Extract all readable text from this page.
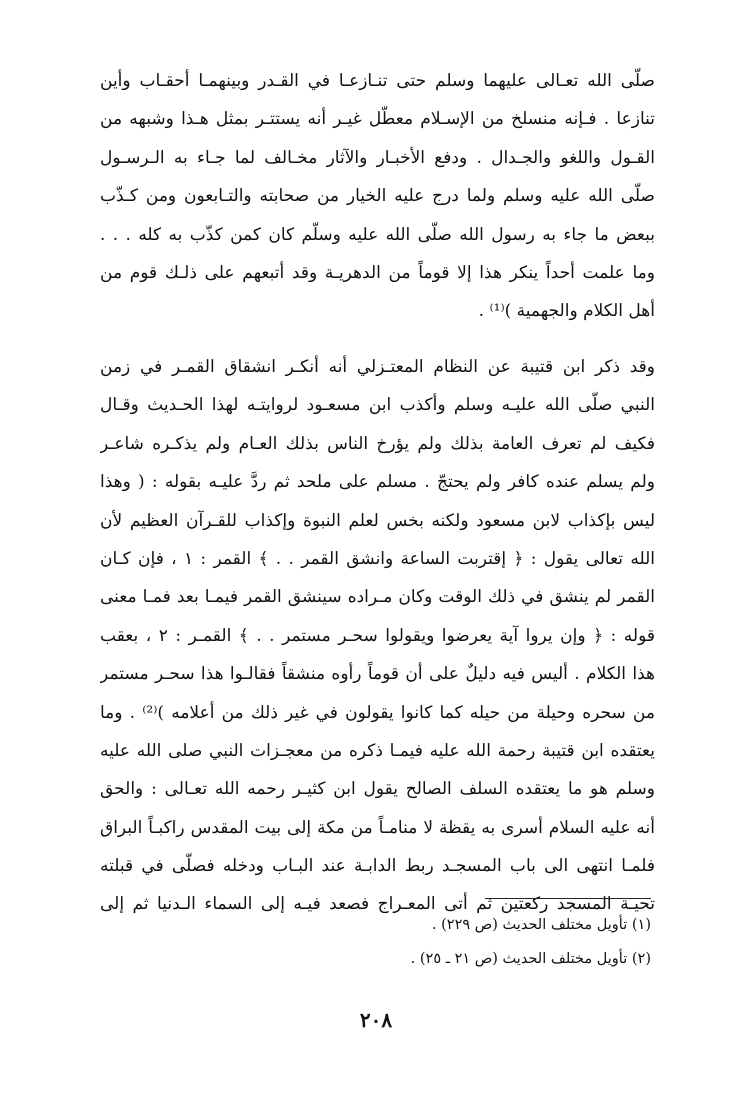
صلّى الله تعـالى عليهما وسلم حتى تنـازعـا في القـدر وبينهمـا أحقـاب وأين
تنازعا . فـإنه منسلخ من الإسـلام معطّل غيـر أنه يستتـر بمثل هـذا وشبهه من
القـول واللغو والجـدال . ودفع الأخبـار والآثار مخـالف لما جـاء به الـرسـول
صلّى الله عليه وسلم ولما درج عليه الخيار من صحابته والتـابعون ومن كـذّب
ببعض ما جاء به رسول الله صلّى الله عليه وسلّم كان كمن كذّب به كله . . .
وما علمت أحداً ينكر هذا إلا قوماً من الدهريـة وقد أتبعهم على ذلـك قوم من
أهل الكلام والجهمية )⁽¹⁾ .
وقد ذكر ابن قتيبة عن النظام المعتـزلي أنه أنكـر انشقاق القمـر في زمن
النبي صلّى الله عليـه وسلم وأكذب ابن مسعـود لروايتـه لهذا الحـديث وقـال
فكيف لم تعرف العامة بذلك ولم يؤرخ الناس بذلك العـام ولم يذكـره شاعـر
ولم يسلم عنده كافر ولم يحتجّ . مسلم على ملحد ثم ردَّ عليـه بقوله : ( وهذا
ليس بإكذاب لابن مسعود ولكنه بخس لعلم النبوة وإكذاب للقـرآن العظيم لأن
الله تعالى يقول : ﴿ إقتربت الساعة وانشق القمر . . ﴾ القمر : ١ ، فإن كـان
القمر لم ينشق في ذلك الوقت وكان مـراده سينشق القمر فيمـا بعد فمـا معنى
قوله : ﴿ وإن يروا آية يعرضوا ويقولوا سحـر مستمر . . ﴾ القمـر : ٢ ، بعقب
هذا الكلام . أليس فيه دليلٌ على أن قوماً رأوه منشقاً فقالـوا هذا سحـر مستمر
من سحره وحيلة من حيله كما كانوا يقولون في غير ذلك من أعلامه )⁽²⁾ . وما
يعتقده ابن قتيبة رحمة الله عليه فيمـا ذكره من معجـزات النبي صلى الله عليه
وسلم هو ما يعتقده السلف الصالح يقول ابن كثيـر رحمه الله تعـالى : والحق
أنه عليه السلام أسرى به يقظة لا منامـاً من مكة إلى بيت المقدس راكبـاً البراق
فلمـا انتهى الى باب المسجـد ربط الدابـة عند البـاب ودخله فصلّى في قبلته
تحيـة المسجد ركعتين ثم أتى المعـراج فصعد فيـه إلى السماء الـدنيا ثم إلى
(١) تأويل مختلف الحديث (ص ٢٢٩) .
(٢) تأويل مختلف الحديث (ص ٢١ ـ ٢٥) .
٢٠٨
